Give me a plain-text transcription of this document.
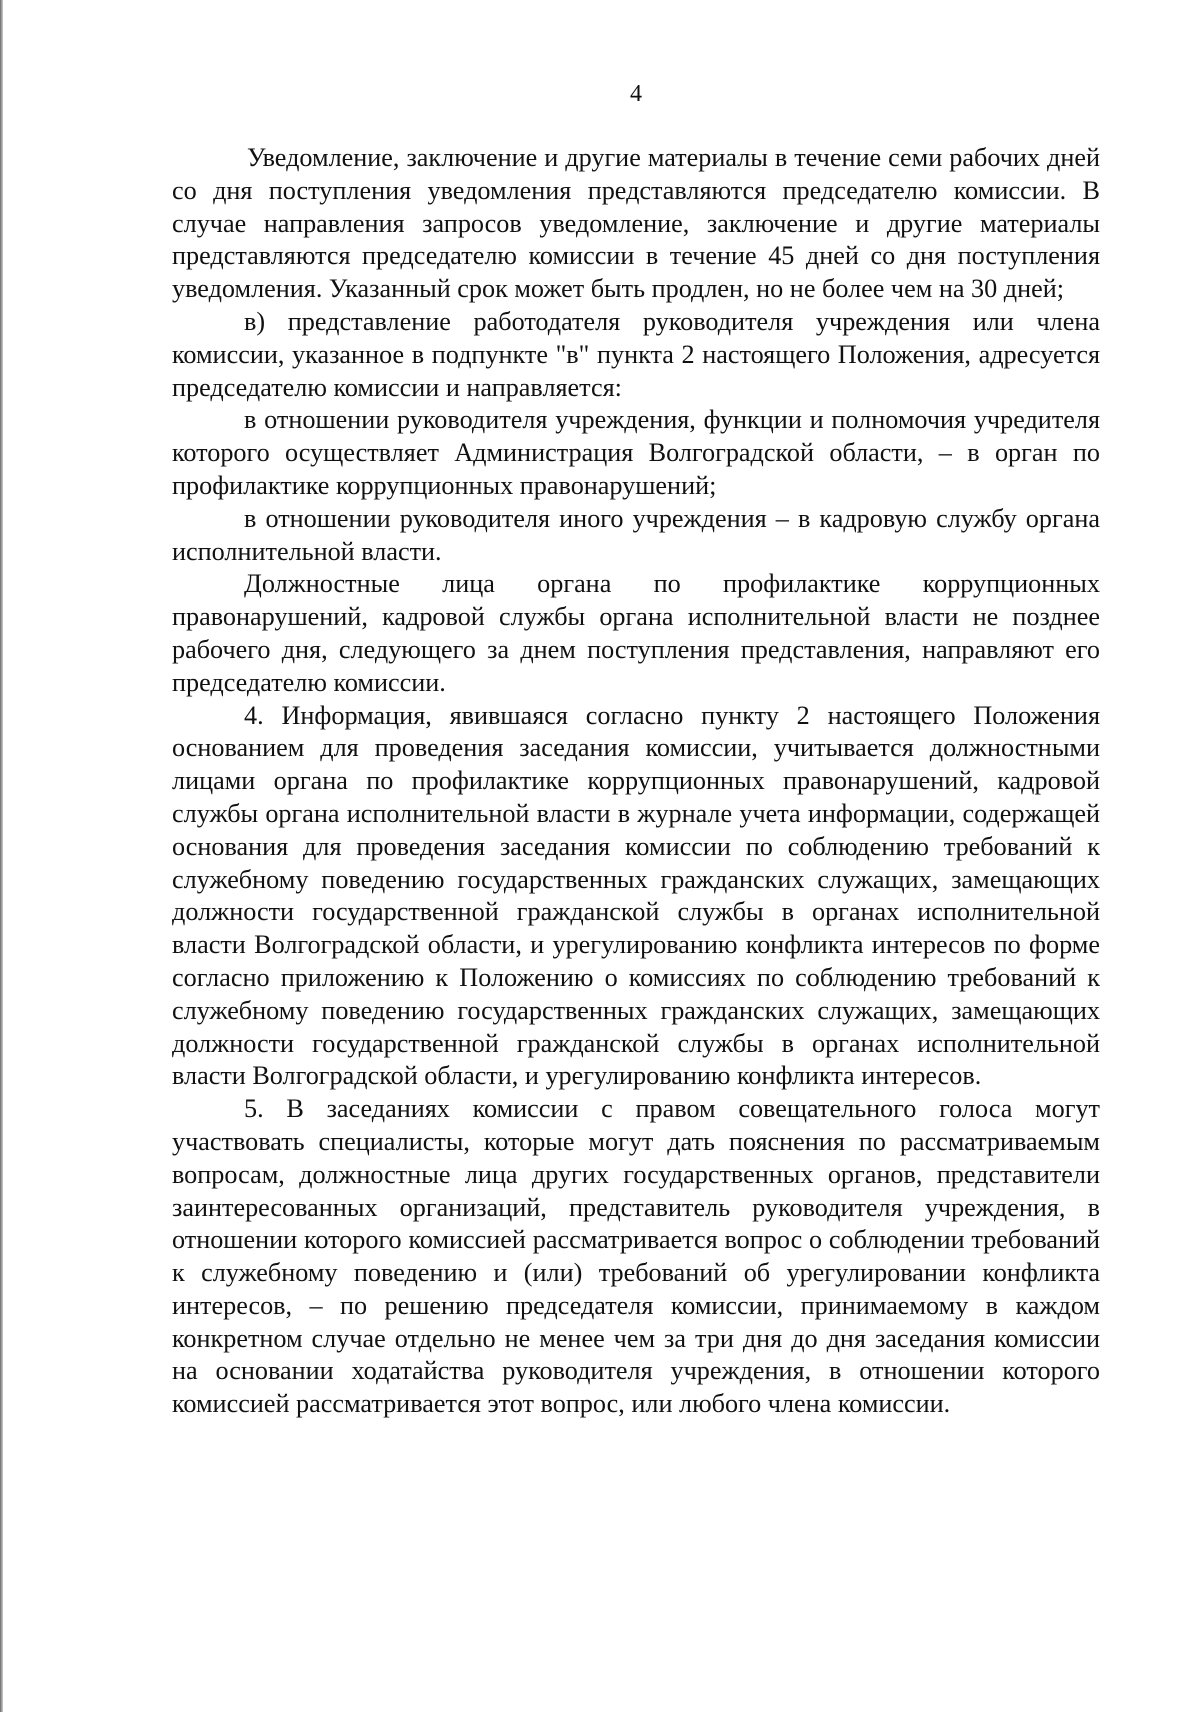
4

Уведомление, заключение и другие материалы в течение семи рабочих дней со дня поступления уведомления представляются председателю комиссии. В случае направления запросов уведомление, заключение и другие материалы представляются председателю комиссии в течение 45 дней со дня поступления уведомления. Указанный срок может быть продлен, но не более чем на 30 дней;

в) представление работодателя руководителя учреждения или члена комиссии, указанное в подпункте "в" пункта 2 настоящего Положения, адресуется председателю комиссии и направляется:

в отношении руководителя учреждения, функции и полномочия учредителя которого осуществляет Администрация Волгоградской области, – в орган по профилактике коррупционных правонарушений;

в отношении руководителя иного учреждения – в кадровую службу органа исполнительной власти.

Должностные лица органа по профилактике коррупционных правонарушений, кадровой службы органа исполнительной власти не позднее рабочего дня, следующего за днем поступления представления, направляют его председателю комиссии.

4. Информация, явившаяся согласно пункту 2 настоящего Положения основанием для проведения заседания комиссии, учитывается должностными лицами органа по профилактике коррупционных правонарушений, кадровой службы органа исполнительной власти в журнале учета информации, содержащей основания для проведения заседания комиссии по соблюдению требований к служебному поведению государственных гражданских служащих, замещающих должности государственной гражданской службы в органах исполнительной власти Волгоградской области, и урегулированию конфликта интересов по форме согласно приложению к Положению о комиссиях по соблюдению требований к служебному поведению государственных гражданских служащих, замещающих должности государственной гражданской службы в органах исполнительной власти Волгоградской области, и урегулированию конфликта интересов.

5. В заседаниях комиссии с правом совещательного голоса могут участвовать специалисты, которые могут дать пояснения по рассматриваемым вопросам, должностные лица других государственных органов, представители заинтересованных организаций, представитель руководителя учреждения, в отношении которого комиссией рассматривается вопрос о соблюдении требований к служебному поведению и (или) требований об урегулировании конфликта интересов, – по решению председателя комиссии, принимаемому в каждом конкретном случае отдельно не менее чем за три дня до дня заседания комиссии на основании ходатайства руководителя учреждения, в отношении которого комиссией рассматривается этот вопрос, или любого члена комиссии.
